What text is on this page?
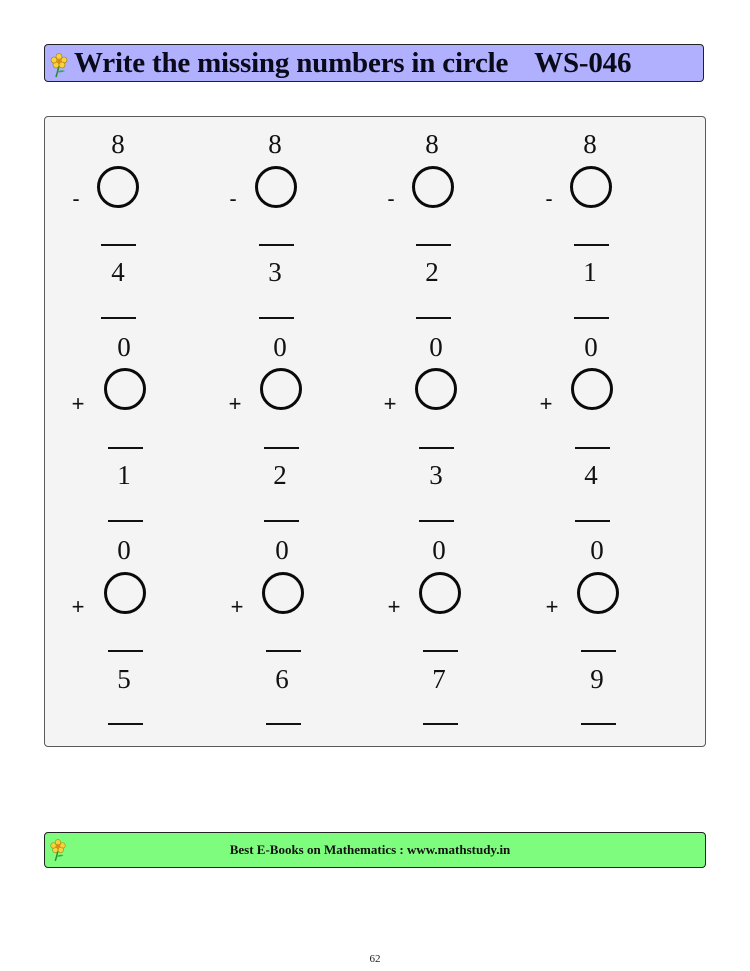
Write the missing numbers in circle WS-046
8
-
4
8
-
3
8
-
2
8
-
1
0
+
1
0
+
2
0
+
3
0
+
4
0
+
5
0
+
6
0
+
7
0
+
9
Best E-Books on Mathematics : www.mathstudy.in
62
